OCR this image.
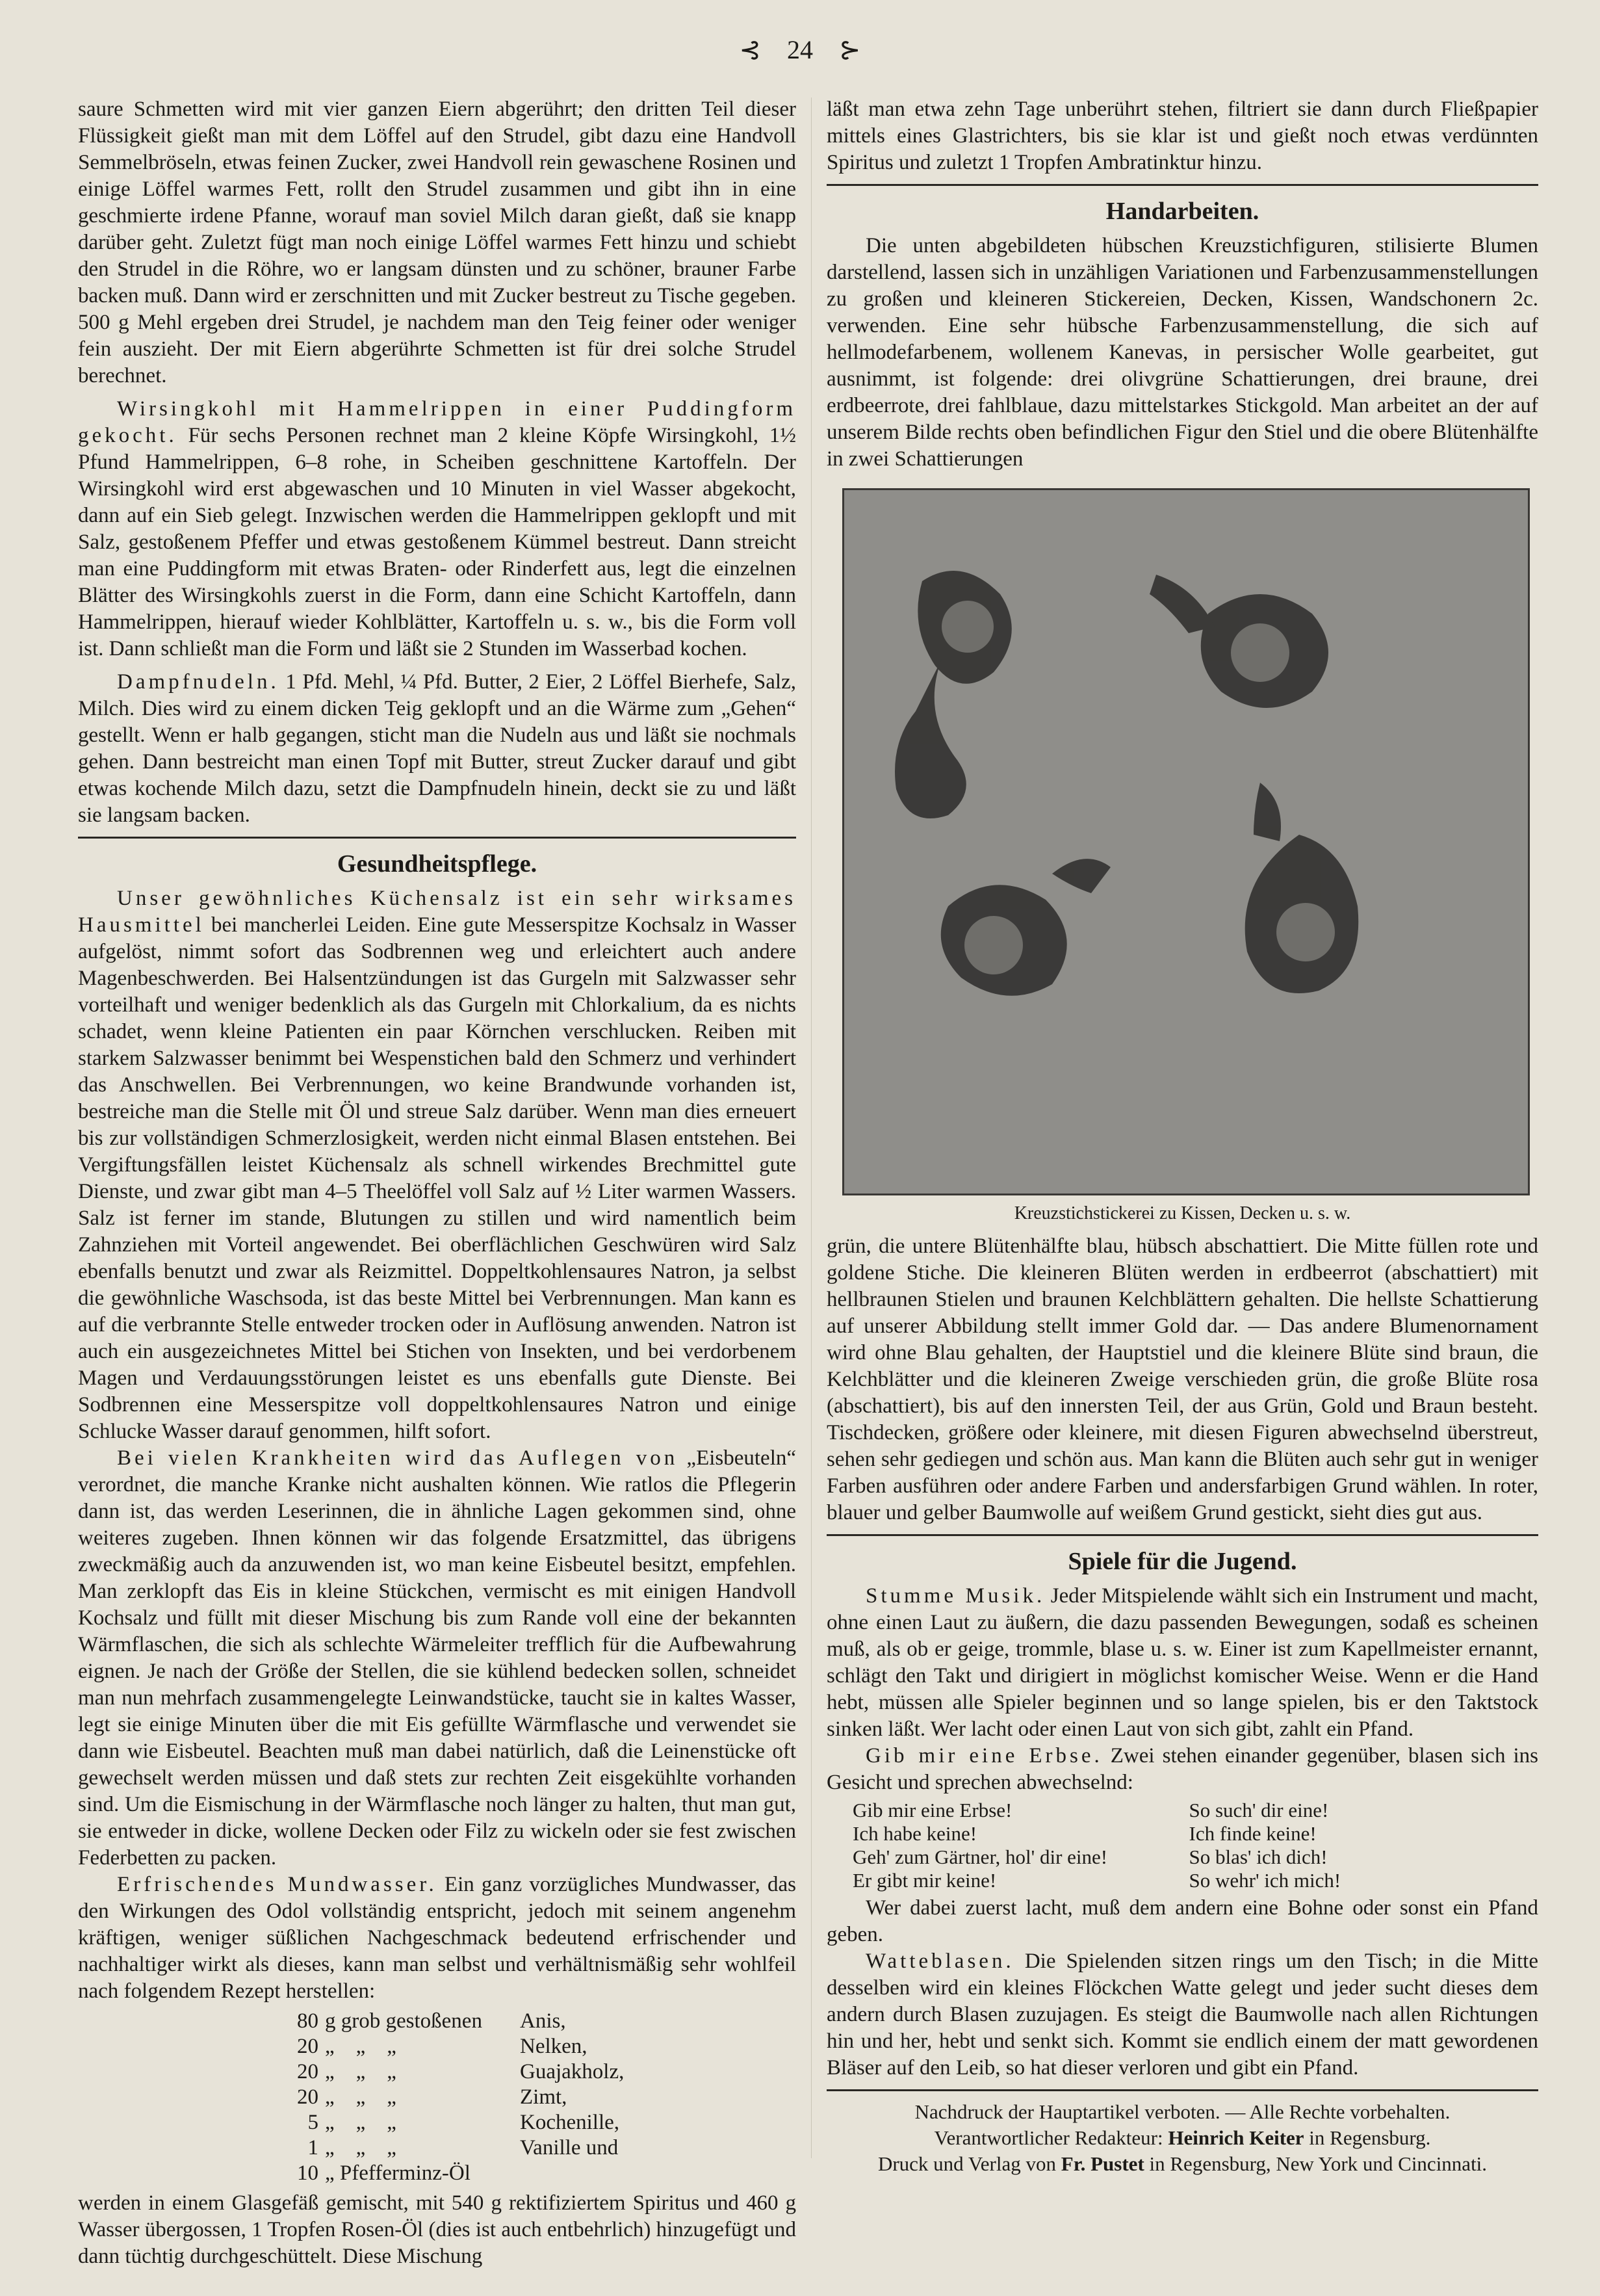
⊰ 24 ⊱

saure Schmetten wird mit vier ganzen Eiern abgerührt; den dritten Teil dieser Flüssigkeit gießt man mit dem Löffel auf den Strudel, gibt dazu eine Handvoll Semmelbröseln, etwas feinen Zucker, zwei Handvoll rein gewaschene Rosinen und einige Löffel warmes Fett, rollt den Strudel zusammen und gibt ihn in eine geschmierte irdene Pfanne, worauf man soviel Milch daran gießt, daß sie knapp darüber geht. Zuletzt fügt man noch einige Löffel warmes Fett hinzu und schiebt den Strudel in die Röhre, wo er langsam dünsten und zu schöner, brauner Farbe backen muß. Dann wird er zerschnitten und mit Zucker bestreut zu Tische gegeben. 500 g Mehl ergeben drei Strudel, je nachdem man den Teig feiner oder weniger fein auszieht. Der mit Eiern abgerührte Schmetten ist für drei solche Strudel berechnet.

Wirsingkohl mit Hammelrippen in einer Puddingform gekocht. Für sechs Personen rechnet man 2 kleine Köpfe Wirsingkohl, 1½ Pfund Hammelrippen, 6–8 rohe, in Scheiben geschnittene Kartoffeln. Der Wirsingkohl wird erst abgewaschen und 10 Minuten in viel Wasser abgekocht, dann auf ein Sieb gelegt. Inzwischen werden die Hammelrippen geklopft und mit Salz, gestoßenem Pfeffer und etwas gestoßenem Kümmel bestreut. Dann streicht man eine Puddingform mit etwas Braten- oder Rinderfett aus, legt die einzelnen Blätter des Wirsingkohls zuerst in die Form, dann eine Schicht Kartoffeln, dann Hammelrippen, hierauf wieder Kohlblätter, Kartoffeln u. s. w., bis die Form voll ist. Dann schließt man die Form und läßt sie 2 Stunden im Wasserbad kochen.

Dampfnudeln. 1 Pfd. Mehl, ¼ Pfd. Butter, 2 Eier, 2 Löffel Bierhefe, Salz, Milch. Dies wird zu einem dicken Teig geklopft und an die Wärme zum „Gehen“ gestellt. Wenn er halb gegangen, sticht man die Nudeln aus und läßt sie nochmals gehen. Dann bestreicht man einen Topf mit Butter, streut Zucker darauf und gibt etwas kochende Milch dazu, setzt die Dampfnudeln hinein, deckt sie zu und läßt sie langsam backen.

Gesundheitspflege.

Unser gewöhnliches Küchensalz ist ein sehr wirksames Hausmittel bei mancherlei Leiden. Eine gute Messerspitze Kochsalz in Wasser aufgelöst, nimmt sofort das Sodbrennen weg und erleichtert auch andere Magenbeschwerden. Bei Halsentzündungen ist das Gurgeln mit Salzwasser sehr vorteilhaft und weniger bedenklich als das Gurgeln mit Chlorkalium, da es nichts schadet, wenn kleine Patienten ein paar Körnchen verschlucken. Reiben mit starkem Salzwasser benimmt bei Wespenstichen bald den Schmerz und verhindert das Anschwellen. Bei Verbrennungen, wo keine Brandwunde vorhanden ist, bestreiche man die Stelle mit Öl und streue Salz darüber. Wenn man dies erneuert bis zur vollständigen Schmerzlosigkeit, werden nicht einmal Blasen entstehen. Bei Vergiftungsfällen leistet Küchensalz als schnell wirkendes Brechmittel gute Dienste, und zwar gibt man 4–5 Theelöffel voll Salz auf ½ Liter warmen Wassers. Salz ist ferner im stande, Blutungen zu stillen und wird namentlich beim Zahnziehen mit Vorteil angewendet. Bei oberflächlichen Geschwüren wird Salz ebenfalls benutzt und zwar als Reizmittel. Doppeltkohlensaures Natron, ja selbst die gewöhnliche Waschsoda, ist das beste Mittel bei Verbrennungen. Man kann es auf die verbrannte Stelle entweder trocken oder in Auflösung anwenden. Natron ist auch ein ausgezeichnetes Mittel bei Stichen von Insekten, und bei verdorbenem Magen und Verdauungsstörungen leistet es uns ebenfalls gute Dienste. Bei Sodbrennen eine Messerspitze voll doppeltkohlensaures Natron und einige Schlucke Wasser darauf genommen, hilft sofort.

Bei vielen Krankheiten wird das Auflegen von „Eisbeuteln“ verordnet, die manche Kranke nicht aushalten können. Wie ratlos die Pflegerin dann ist, das werden Leserinnen, die in ähnliche Lagen gekommen sind, ohne weiteres zugeben. Ihnen können wir das folgende Ersatzmittel, das übrigens zweckmäßig auch da anzuwenden ist, wo man keine Eisbeutel besitzt, empfehlen. Man zerklopft das Eis in kleine Stückchen, vermischt es mit einigen Handvoll Kochsalz und füllt mit dieser Mischung bis zum Rande voll eine der bekannten Wärmflaschen, die sich als schlechte Wärmeleiter trefflich für die Aufbewahrung eignen. Je nach der Größe der Stellen, die sie kühlend bedecken sollen, schneidet man nun mehrfach zusammengelegte Leinwandstücke, taucht sie in kaltes Wasser, legt sie einige Minuten über die mit Eis gefüllte Wärmflasche und verwendet sie dann wie Eisbeutel. Beachten muß man dabei natürlich, daß die Leinenstücke oft gewechselt werden müssen und daß stets zur rechten Zeit eisgekühlte vorhanden sind. Um die Eismischung in der Wärmflasche noch länger zu halten, thut man gut, sie entweder in dicke, wollene Decken oder Filz zu wickeln oder sie fest zwischen Federbetten zu packen.

Erfrischendes Mundwasser. Ein ganz vorzügliches Mundwasser, das den Wirkungen des Odol vollständig entspricht, jedoch mit seinem angenehm kräftigen, weniger süßlichen Nachgeschmack bedeutend erfrischender und nachhaltiger wirkt als dieses, kann man selbst und verhältnismäßig sehr wohlfeil nach folgendem Rezept herstellen:

80 g grob gestoßenen	Anis,
20 „    „    „	Nelken,
20 „    „    „	Guajakholz,
20 „    „    „	Zimt,
5 „    „    „	Kochenille,
1 „    „    „	Vanille und
10 „ Pfefferminz-Öl

werden in einem Glasgefäß gemischt, mit 540 g rektifiziertem Spiritus und 460 g Wasser übergossen, 1 Tropfen Rosen-Öl (dies ist auch entbehrlich) hinzugefügt und dann tüchtig durchgeschüttelt. Diese Mischung

läßt man etwa zehn Tage unberührt stehen, filtriert sie dann durch Fließpapier mittels eines Glastrichters, bis sie klar ist und gießt noch etwas verdünnten Spiritus und zuletzt 1 Tropfen Ambratinktur hinzu.

Handarbeiten.

Die unten abgebildeten hübschen Kreuzstichfiguren, stilisierte Blumen darstellend, lassen sich in unzähligen Variationen und Farbenzusammenstellungen zu großen und kleineren Stickereien, Decken, Kissen, Wandschonern 2c. verwenden. Eine sehr hübsche Farbenzusammenstellung, die sich auf hellmodefarbenem, wollenem Kanevas, in persischer Wolle gearbeitet, gut ausnimmt, ist folgende: drei olivgrüne Schattierungen, drei braune, drei erdbeerrote, drei fahlblaue, dazu mittelstarkes Stickgold. Man arbeitet an der auf unserem Bilde rechts oben befindlichen Figur den Stiel und die obere Blütenhälfte in zwei Schattierungen

Kreuzstichstickerei zu Kissen, Decken u. s. w.

grün, die untere Blütenhälfte blau, hübsch abschattiert. Die Mitte füllen rote und goldene Stiche. Die kleineren Blüten werden in erdbeerrot (abschattiert) mit hellbraunen Stielen und braunen Kelchblättern gehalten. Die hellste Schattierung auf unserer Abbildung stellt immer Gold dar. — Das andere Blumenornament wird ohne Blau gehalten, der Hauptstiel und die kleinere Blüte sind braun, die Kelchblätter und die kleineren Zweige verschieden grün, die große Blüte rosa (abschattiert), bis auf den innersten Teil, der aus Grün, Gold und Braun besteht. Tischdecken, größere oder kleinere, mit diesen Figuren abwechselnd überstreut, sehen sehr gediegen und schön aus. Man kann die Blüten auch sehr gut in weniger Farben ausführen oder andere Farben und andersfarbigen Grund wählen. In roter, blauer und gelber Baumwolle auf weißem Grund gestickt, sieht dies gut aus.

Spiele für die Jugend.

Stumme Musik. Jeder Mitspielende wählt sich ein Instrument und macht, ohne einen Laut zu äußern, die dazu passenden Bewegungen, sodaß es scheinen muß, als ob er geige, trommle, blase u. s. w. Einer ist zum Kapellmeister ernannt, schlägt den Takt und dirigiert in möglichst komischer Weise. Wenn er die Hand hebt, müssen alle Spieler beginnen und so lange spielen, bis er den Taktstock sinken läßt. Wer lacht oder einen Laut von sich gibt, zahlt ein Pfand.

Gib mir eine Erbse. Zwei stehen einander gegenüber, blasen sich ins Gesicht und sprechen abwechselnd:

Gib mir eine Erbse!	So such' dir eine!
Ich habe keine!	Ich finde keine!
Geh' zum Gärtner, hol' dir eine!	So blas' ich dich!
Er gibt mir keine!	So wehr' ich mich!

Wer dabei zuerst lacht, muß dem andern eine Bohne oder sonst ein Pfand geben.

Watteblasen. Die Spielenden sitzen rings um den Tisch; in die Mitte desselben wird ein kleines Flöckchen Watte gelegt und jeder sucht dieses dem andern durch Blasen zuzujagen. Es steigt die Baumwolle nach allen Richtungen hin und her, hebt und senkt sich. Kommt sie endlich einem der matt gewordenen Bläser auf den Leib, so hat dieser verloren und gibt ein Pfand.

Nachdruck der Hauptartikel verboten. — Alle Rechte vorbehalten.
Verantwortlicher Redakteur: Heinrich Keiter in Regensburg.
Druck und Verlag von Fr. Pustet in Regensburg, New York und Cincinnati.
